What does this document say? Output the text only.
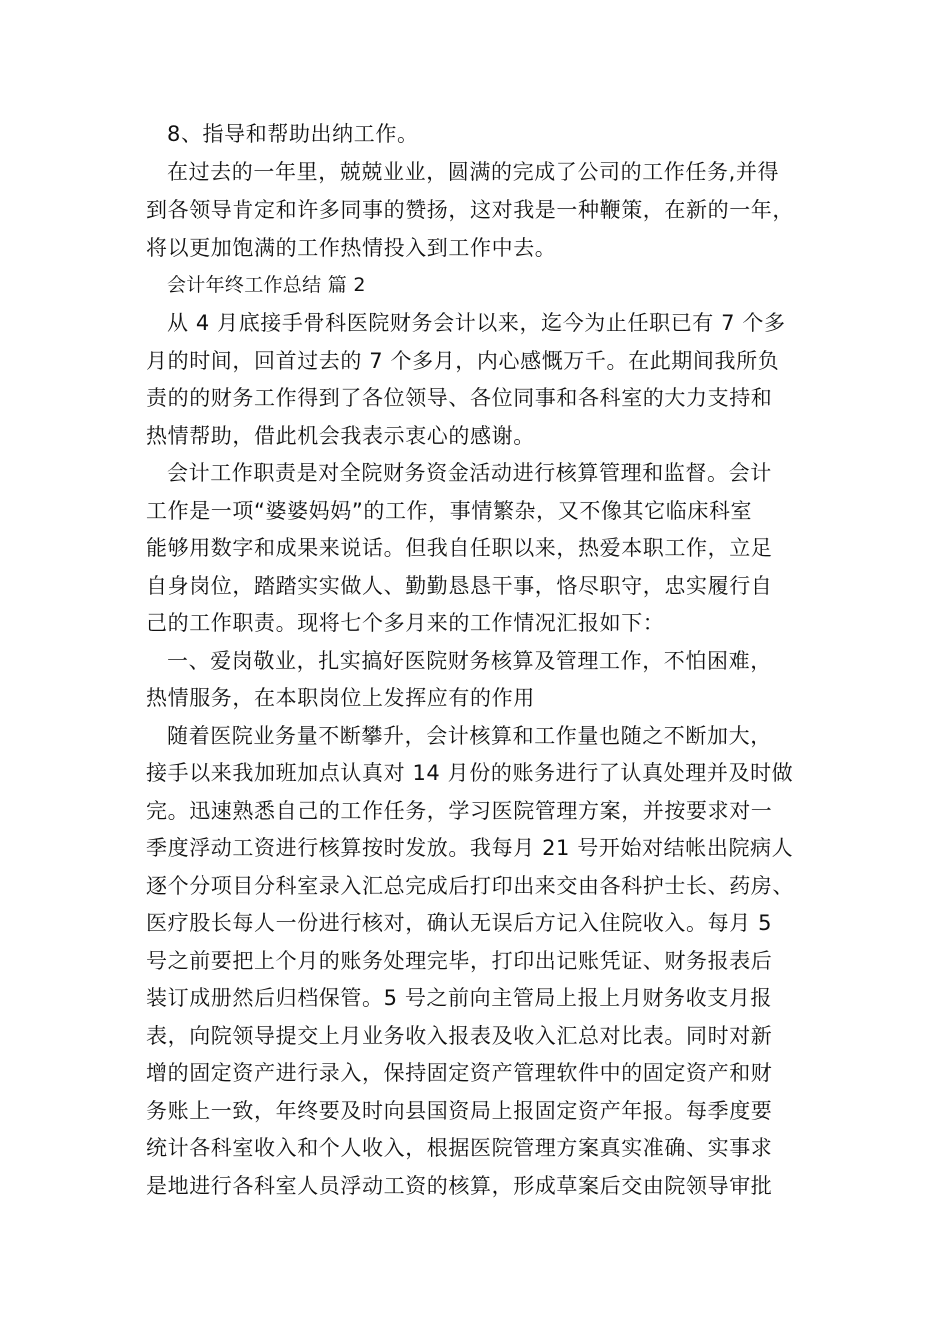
8、指导和帮助出纳工作。
在过去的一年里，兢兢业业，圆满的完成了公司的工作任务,并得
到各领导肯定和许多同事的赞扬，这对我是一种鞭策，在新的一年，
将以更加饱满的工作热情投入到工作中去。
会计年终工作总结 篇 2
从 4 月底接手骨科医院财务会计以来，迄今为止任职已有 7 个多
月的时间，回首过去的 7 个多月，内心感慨万千。在此期间我所负
责的的财务工作得到了各位领导、各位同事和各科室的大力支持和
热情帮助，借此机会我表示衷心的感谢。
会计工作职责是对全院财务资金活动进行核算管理和监督。会计
工作是一项“婆婆妈妈”的工作，事情繁杂，又不像其它临床科室
能够用数字和成果来说话。但我自任职以来，热爱本职工作，立足
自身岗位，踏踏实实做人、勤勤恳恳干事，恪尽职守，忠实履行自
己的工作职责。现将七个多月来的工作情况汇报如下：
一、爱岗敬业，扎实搞好医院财务核算及管理工作，不怕困难，
热情服务，在本职岗位上发挥应有的作用
随着医院业务量不断攀升，会计核算和工作量也随之不断加大，
接手以来我加班加点认真对 14 月份的账务进行了认真处理并及时做
完。迅速熟悉自己的工作任务，学习医院管理方案，并按要求对一
季度浮动工资进行核算按时发放。我每月 21 号开始对结帐出院病人
逐个分项目分科室录入汇总完成后打印出来交由各科护士长、药房、
医疗股长每人一份进行核对，确认无误后方记入住院收入。每月 5
号之前要把上个月的账务处理完毕，打印出记账凭证、财务报表后
装订成册然后归档保管。5 号之前向主管局上报上月财务收支月报
表，向院领导提交上月业务收入报表及收入汇总对比表。同时对新
增的固定资产进行录入，保持固定资产管理软件中的固定资产和财
务账上一致，年终要及时向县国资局上报固定资产年报。每季度要
统计各科室收入和个人收入，根据医院管理方案真实准确、实事求
是地进行各科室人员浮动工资的核算，形成草案后交由院领导审批
